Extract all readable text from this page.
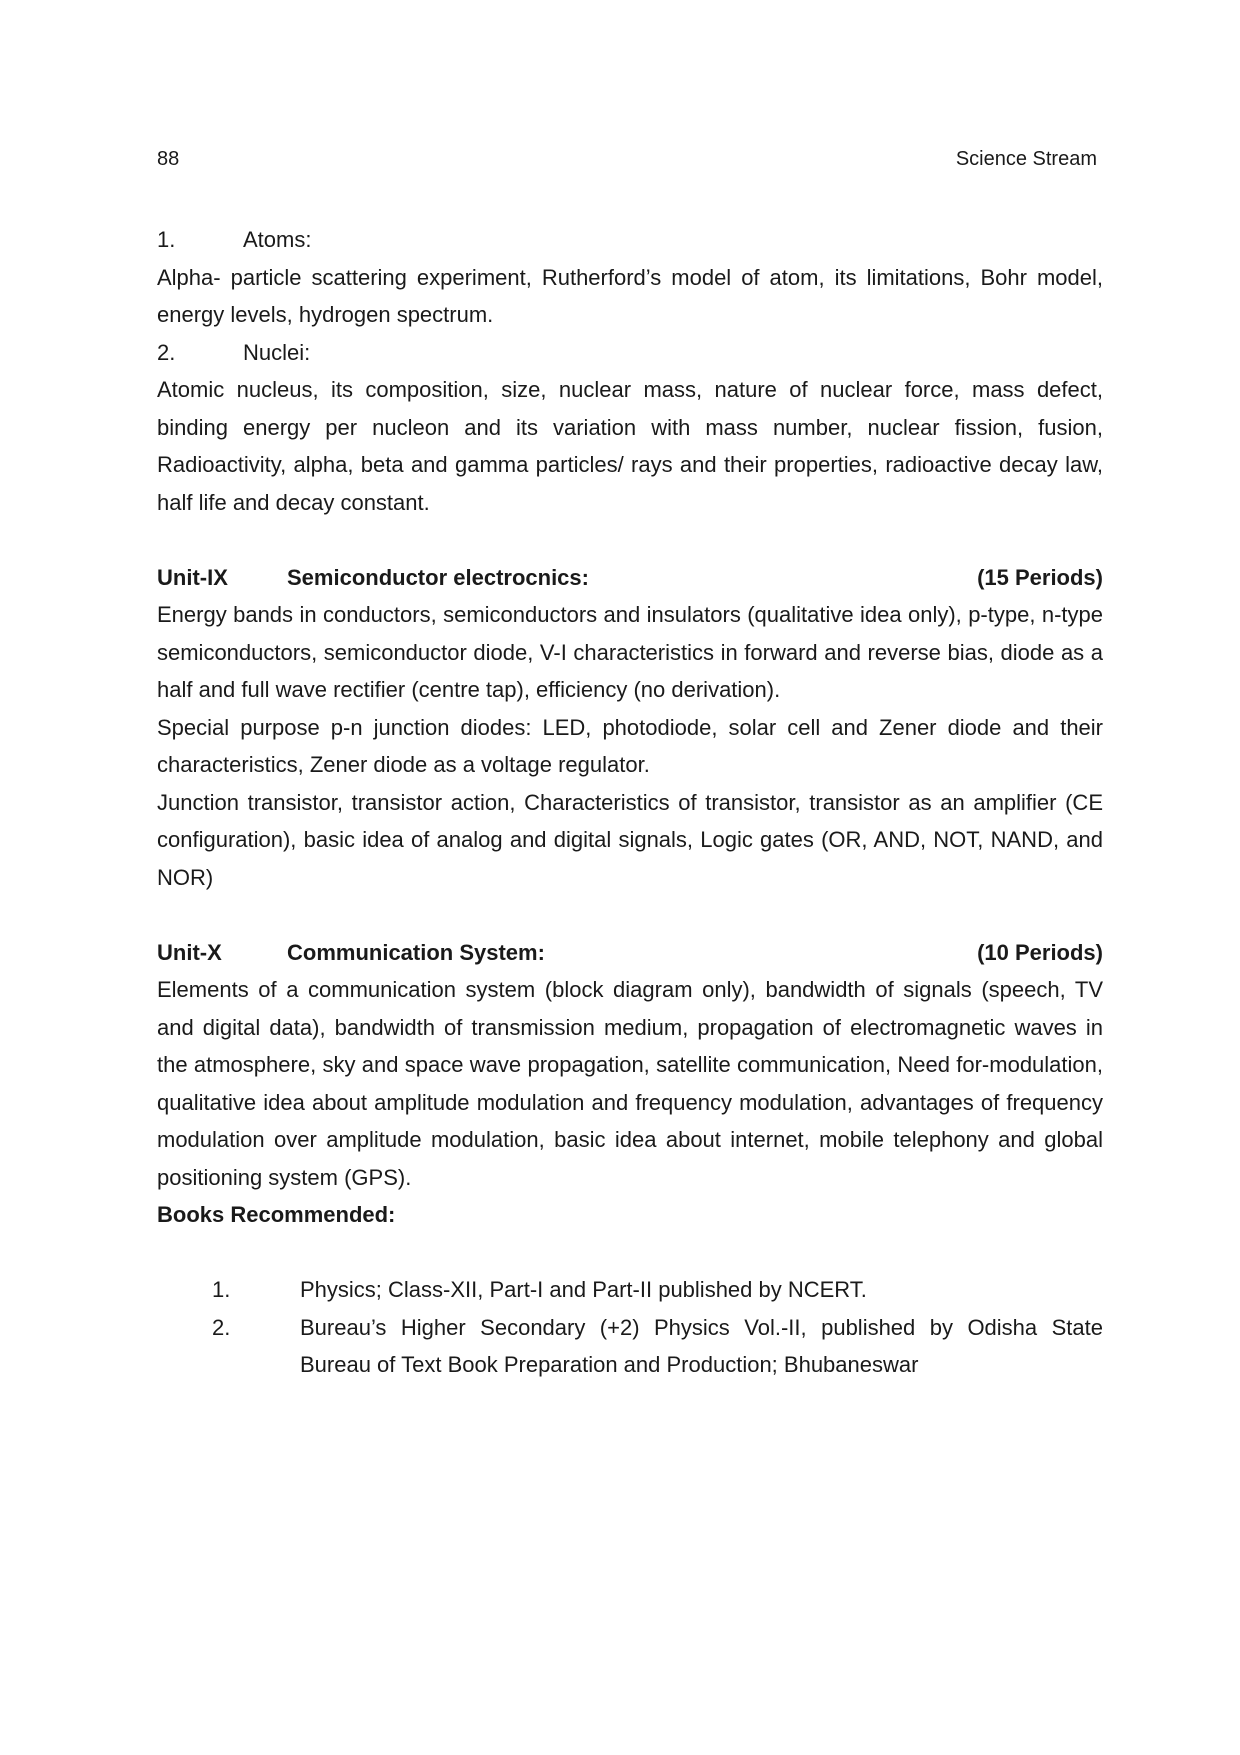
88	Science Stream
1.	Atoms:
Alpha- particle scattering experiment, Rutherford’s model of atom, its limitations, Bohr model, energy levels, hydrogen spectrum.
2.	Nuclei:
Atomic nucleus, its composition, size, nuclear mass, nature of nuclear force, mass defect, binding energy per nucleon and its variation with mass number, nuclear fission, fusion, Radioactivity, alpha, beta and gamma particles/ rays and their properties, radioactive decay law, half life and decay constant.
Unit-IX	Semiconductor electrocnics:	(15 Periods)
Energy bands in conductors, semiconductors and insulators (qualitative idea only), p-type, n-type semiconductors, semiconductor diode, V-I characteristics in forward and reverse bias, diode as a half and full wave rectifier (centre tap), efficiency (no derivation).
Special purpose p-n junction diodes: LED, photodiode, solar cell and Zener diode and their characteristics, Zener diode as a voltage regulator.
Junction transistor, transistor action, Characteristics of transistor, transistor as an amplifier (CE configuration), basic idea of analog and digital signals, Logic gates (OR, AND, NOT, NAND, and NOR)
Unit-X	Communication System:	(10 Periods)
Elements of a communication system (block diagram only), bandwidth of signals (speech, TV and digital data), bandwidth of transmission medium, propagation of electromagnetic waves in the atmosphere, sky and space wave propagation, satellite communication, Need for-modulation, qualitative idea about amplitude modulation and frequency modulation, advantages of frequency modulation over amplitude modulation, basic idea about internet, mobile telephony and global positioning system (GPS).
Books Recommended:
1.	Physics; Class-XII, Part-I and Part-II published by NCERT.
2.	Bureau’s Higher Secondary (+2) Physics Vol.-II, published by Odisha State Bureau of Text Book Preparation and Production; Bhubaneswar
